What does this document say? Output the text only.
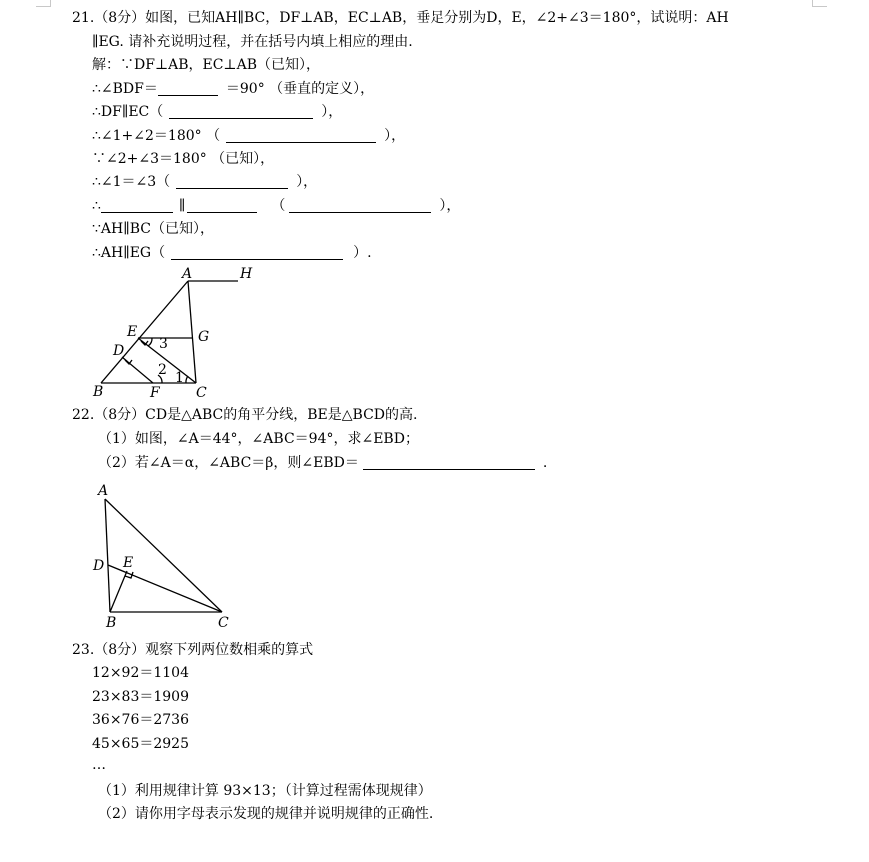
21.（8分）如图，已知AH∥BC，DF⊥AB，EC⊥AB，垂足分别为D，E，∠2+∠3＝180°，试说明：AH
∥EG. 请补充说明过程，并在括号内填上相应的理由.
解：∵DF⊥AB，EC⊥AB（已知），
∴∠BDF＝	＝90° （垂直的定义），
∴DF∥EC（	），
∴∠1+∠2＝180° （	），
∵∠2+∠3＝180° （已知），
∴∠1＝∠3（	），
∴	∥	（	），
∵AH∥BC（已知），
∴AH∥EG（	）.
A	H
E	G
D
B	F	C
3
2 1
22.（8分）CD是△ABC的角平分线，BE是△BCD的高.
（1）如图，∠A＝44°，∠ABC＝94°，求∠EBD；
（2）若∠A＝α，∠ABC＝β，则∠EBD＝	.
A
D E
B	C
23.（8分）观察下列两位数相乘的算式
12×92＝1104
23×83＝1909
36×76＝2736
45×65＝2925
…
（1）利用规律计算 93×13；（计算过程需体现规律）
（2）请你用字母表示发现的规律并说明规律的正确性.
